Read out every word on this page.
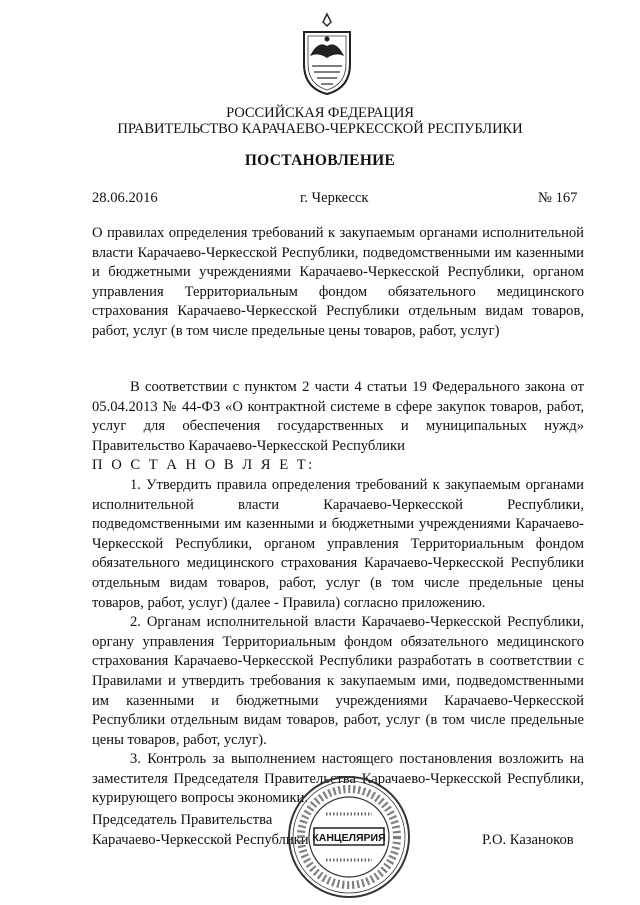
РОССИЙСКАЯ ФЕДЕРАЦИЯ
ПРАВИТЕЛЬСТВО КАРАЧАЕВО-ЧЕРКЕССКОЙ РЕСПУБЛИКИ
ПОСТАНОВЛЕНИЕ
28.06.2016	г. Черкесск	№ 167
О правилах определения требований к закупаемым органами исполнительной власти Карачаево-Черкесской Республики, подведомственными им казенными и бюджетными учреждениями Карачаево-Черкесской Республики, органом управления Территориальным фондом обязательного медицинского страхования Карачаево-Черкесской Республики отдельным видам товаров, работ, услуг (в том числе предельные цены товаров, работ, услуг)

В соответствии с пунктом 2 части 4 статьи 19 Федерального закона от 05.04.2013 № 44-ФЗ «О контрактной системе в сфере закупок товаров, работ, услуг для обеспечения государственных и муниципальных нужд» Правительство Карачаево-Черкесской Республики

П О С Т А Н О В Л Я Е Т:

1. Утвердить правила определения требований к закупаемым органами исполнительной власти Карачаево-Черкесской Республики, подведомственными им казенными и бюджетными учреждениями Карачаево-Черкесской Республики, органом управления Территориальным фондом обязательного медицинского страхования Карачаево-Черкесской Республики отдельным видам товаров, работ, услуг (в том числе предельные цены товаров, работ, услуг) (далее - Правила) согласно приложению.

2. Органам исполнительной власти Карачаево-Черкесской Республики, органу управления Территориальным фондом обязательного медицинского страхования Карачаево-Черкесской Республики разработать в соответствии с Правилами и утвердить требования к закупаемым ими, подведомственными им казенными и бюджетными учреждениями Карачаево-Черкесской Республики отдельным видам товаров, работ, услуг (в том числе предельные цены товаров, работ, услуг).

3. Контроль за выполнением настоящего постановления возложить на заместителя Председателя Правительства Карачаево-Черкесской Республики, курирующего вопросы экономики.

Председатель Правительства
Карачаево-Черкесской Республики КАНЦЕЛЯРИЯ	Р.О. Казаноков
